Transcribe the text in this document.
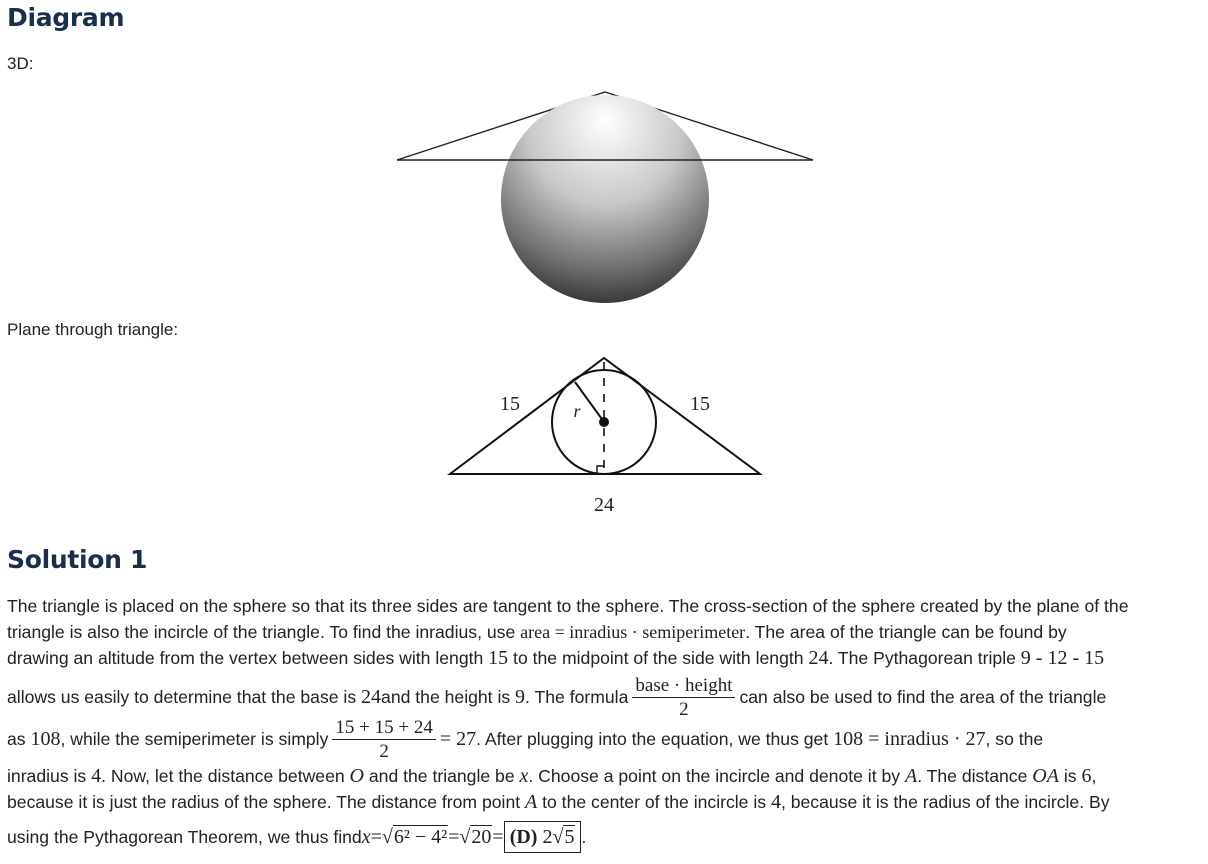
Diagram
3D:
Plane through triangle:
15	15
24
r
Solution 1
The triangle is placed on the sphere so that its three sides are tangent to the sphere. The cross-section of the sphere created by the plane of the
triangle is also the incircle of the triangle. To find the inradius, use area = inradius · semiperimeter. The area of the triangle can be found by
drawing an altitude from the vertex between sides with length 15 to the midpoint of the side with length 24. The Pythagorean triple 9 - 12 - 15
allows us easily to determine that the base is
24 and the height is
9 . The formula $\frac{\text{base · height}}{2}$ can also be used to find the area of the triangle
as
108 , while the semiperimeter is simply $\frac{15 + 15 + 24}{2} = 27$ . After plugging into the equation, we thus get
108 = inradius · 27 , so the
inradius is 4. Now, let the distance between O and the triangle be x. Choose a point on the incircle and denote it by A. The distance OA is 6,
because it is just the radius of the sphere. The distance from point A to the center of the incircle is 4, because it is the radius of the incircle. By
using the Pythagorean Theorem, we thus find x = √6² − 4² = √20 = (D) 2√5 .
